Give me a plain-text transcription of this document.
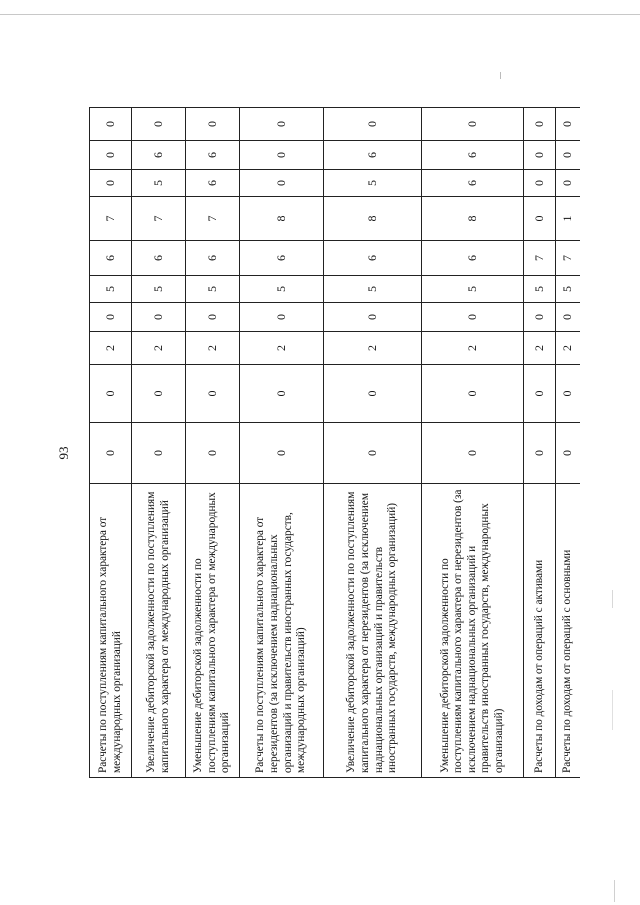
93
Расчеты по поступлениям капитального характера от международных организаций	0	0	2	0	5	6	7	0	0	0
Увеличение дебиторской задолженности по поступлениям капитального характера от международных организаций	0	0	2	0	5	6	7	5	6	0
Уменьшение дебиторской задолженности по поступлениям капитального характера от международных организаций	0	0	2	0	5	6	7	6	6	0
Расчеты по поступлениям капитального характера от нерезидентов (за исключением наднациональных организаций и правительств иностранных государств, международных организаций)	0	0	2	0	5	6	8	0	0	0
Увеличение дебиторской задолженности по поступлениям капитального характера от нерезидентов (за исключением наднациональных организаций и правительств иностранных государств, международных организаций)	0	0	2	0	5	6	8	5	6	0
Уменьшение дебиторской задолженности по поступлениям капитального характера от нерезидентов (за исключением наднациональных организаций и правительств иностранных государств, международных организаций)	0	0	2	0	5	6	8	6	6	0
Расчеты по доходам от операций с активами	0	0	2	0	5	7	0	0	0	0
Расчеты по доходам от операций с основными	0	0	2	0	5	7	1	0	0	0
